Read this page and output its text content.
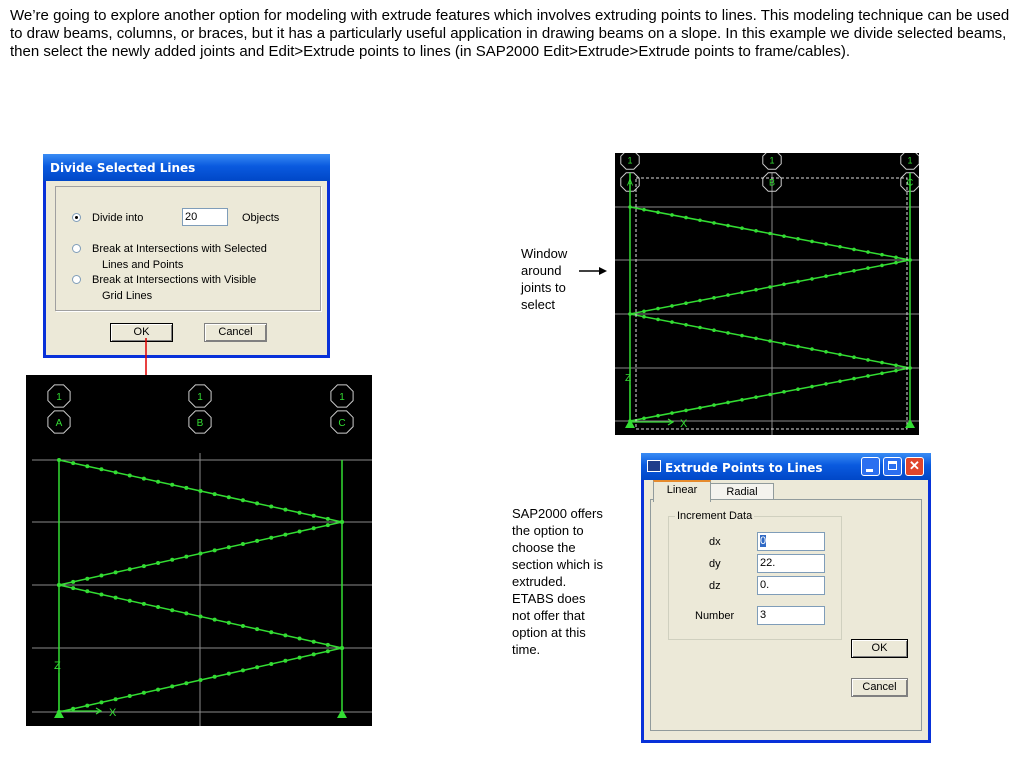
We’re going to explore another option for modeling with extrude features which involves extruding points to lines. This modeling technique can be used to draw beams, columns, or braces, but it has a particularly useful application in drawing beams on a slope. In this example we divide selected beams, then select the newly added joints and Edit>Extrude points to lines (in SAP2000 Edit>Extrude>Extrude points to frame/cables).

Divide Selected Lines
Divide into	20	Objects
Break at Intersections with Selected
Lines and Points
Break at Intersections with Visible
Grid Lines
OK	Cancel
1
A
1
B
1
C
Z
X
1
A
1
B
1
C
Z
X
Window
around
joints to
select
SAP2000 offers
the option to
choose the
section which is
extruded.
ETABS does
not offer that
option at this
time.
Extrude Points to Lines	✕
Linear	Radial
Increment Data
dx	0
dy	22.
dz	0.
Number 3
OK
Cancel
